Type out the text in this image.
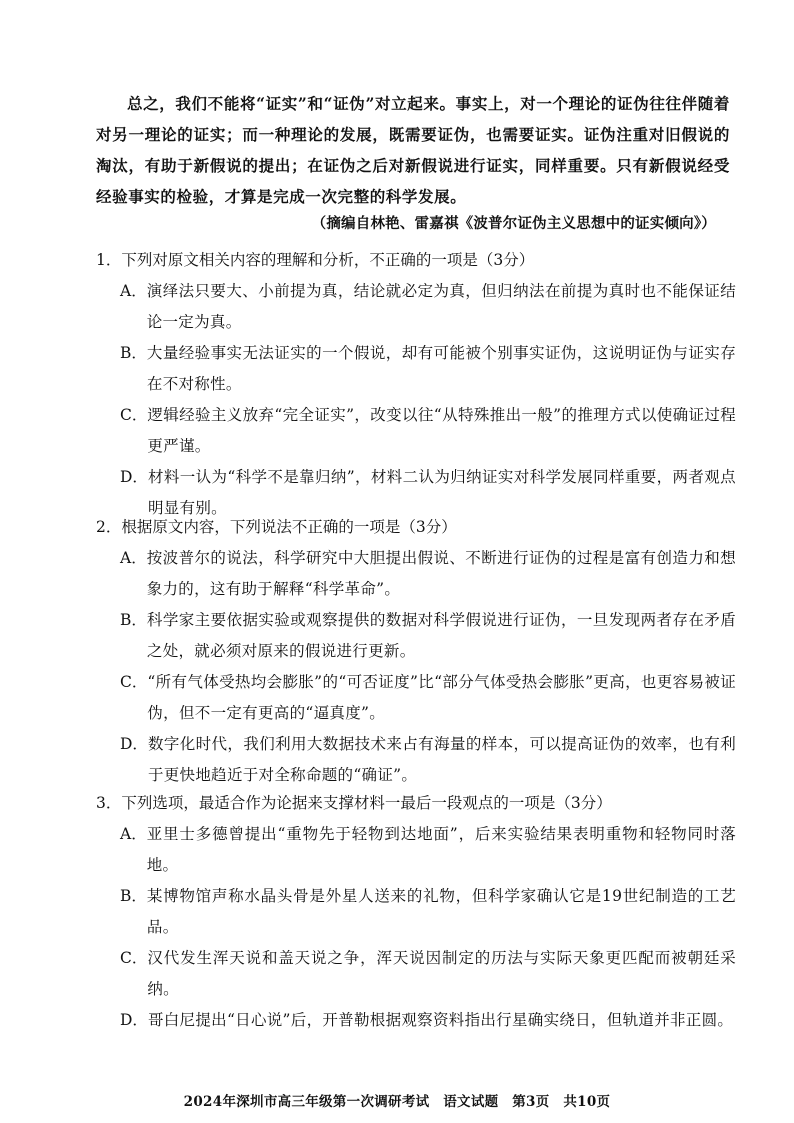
总之，我们不能将“证实”和“证伪”对立起来。事实上，对一个理论的证伪往往伴随着对另一理论的证实；而一种理论的发展，既需要证伪，也需要证实。证伪注重对旧假说的淘汰，有助于新假说的提出；在证伪之后对新假说进行证实，同样重要。只有新假说经受经验事实的检验，才算是完成一次完整的科学发展。

（摘编自林艳、雷嘉祺《波普尔证伪主义思想中的证实倾向》）
1．下列对原文相关内容的理解和分析，不正确的一项是（3分）
A． 演绎法只要大、小前提为真，结论就必定为真，但归纳法在前提为真时也不能保证结论一定为真。
B． 大量经验事实无法证实的一个假说，却有可能被个别事实证伪，这说明证伪与证实存在不对称性。
C． 逻辑经验主义放弃“完全证实”，改变以往“从特殊推出一般”的推理方式以使确证过程更严谨。
D． 材料一认为“科学不是靠归纳”，材料二认为归纳证实对科学发展同样重要，两者观点明显有别。
2．根据原文内容，下列说法不正确的一项是（3分）
A． 按波普尔的说法，科学研究中大胆提出假说、不断进行证伪的过程是富有创造力和想象力的，这有助于解释“科学革命”。
B． 科学家主要依据实验或观察提供的数据对科学假说进行证伪，一旦发现两者存在矛盾之处，就必须对原来的假说进行更新。
C． “所有气体受热均会膨胀”的“可否证度”比“部分气体受热会膨胀”更高，也更容易被证伪，但不一定有更高的“逼真度”。
D． 数字化时代，我们利用大数据技术来占有海量的样本，可以提高证伪的效率，也有利于更快地趋近于对全称命题的“确证”。
3．下列选项，最适合作为论据来支撑材料一最后一段观点的一项是（3分）
A． 亚里士多德曾提出“重物先于轻物到达地面”，后来实验结果表明重物和轻物同时落地。
B． 某博物馆声称水晶头骨是外星人送来的礼物，但科学家确认它是19世纪制造的工艺品。
C． 汉代发生浑天说和盖天说之争，浑天说因制定的历法与实际天象更匹配而被朝廷采纳。
D． 哥白尼提出“日心说”后，开普勒根据观察资料指出行星确实绕日，但轨道并非正圆。
2024年深圳市高三年级第一次调研考试　语文试题　第3页　共10页
